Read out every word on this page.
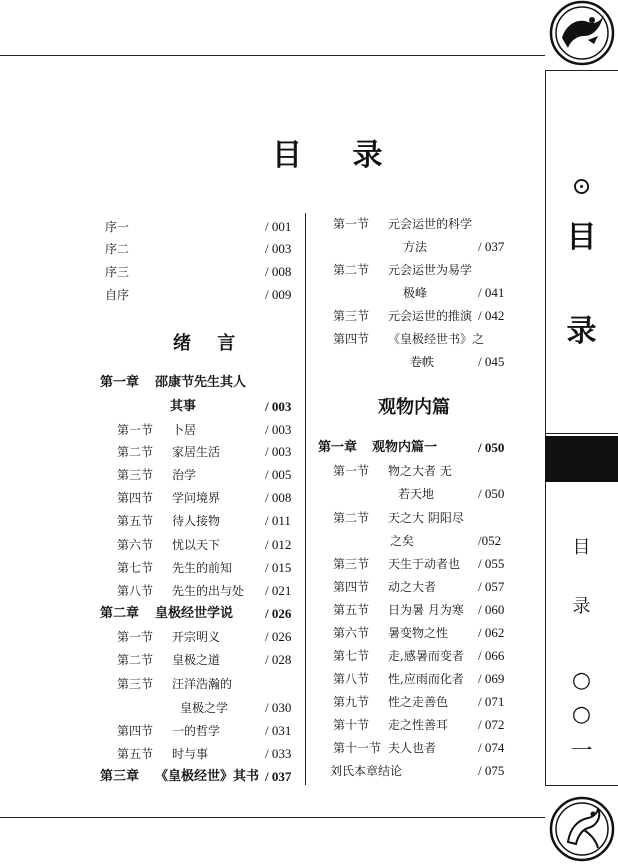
⊙
目
录
目
录
○
○
一
目 录
绪 言
观物内篇
序一	/ 001
序二	/ 003
序三	/ 008
自序	/ 009
第一章 邵康节先生其人
其事	/ 003
第一节 卜居	/ 003
第二节 家居生活	/ 003
第三节 治学	/ 005
第四节 学问境界	/ 008
第五节 待人接物	/ 011
第六节 忧以天下	/ 012
第七节 先生的前知	/ 015
第八节 先生的出与处 / 021
第二章 皇极经世学说 / 026
第一节 开宗明义	/ 026
第二节 皇极之道	/ 028
第三节 汪洋浩瀚的
皇极之学	/ 030
第四节 一的哲学	/ 031
第五节 时与事	/ 033
第三章 《皇极经世》其书 / 037
第一节 元会运世的科学
方法	/ 037
第二节 元会运世为易学
极峰	/ 041
第三节 元会运世的推演 / 042
第四节 《皇极经世书》之
卷帙	/ 045
第一章 观物内篇一	/ 050
第一节 物之大者 无
若天地	/ 050
第二节 天之大 阴阳尽
之矣	/052
第三节 天生于动者也 / 055
第四节 动之大者	/ 057
第五节 日为暑 月为寒 / 060
第六节 暑变物之性 / 062
第七节 走,感暑而变者 / 066
第八节 性,应雨而化者 / 069
第九节 性之走善色 / 071
第十节 走之性善耳 / 072
第十一节 夫人也者	/ 074
刘氏本章结论	/ 075
